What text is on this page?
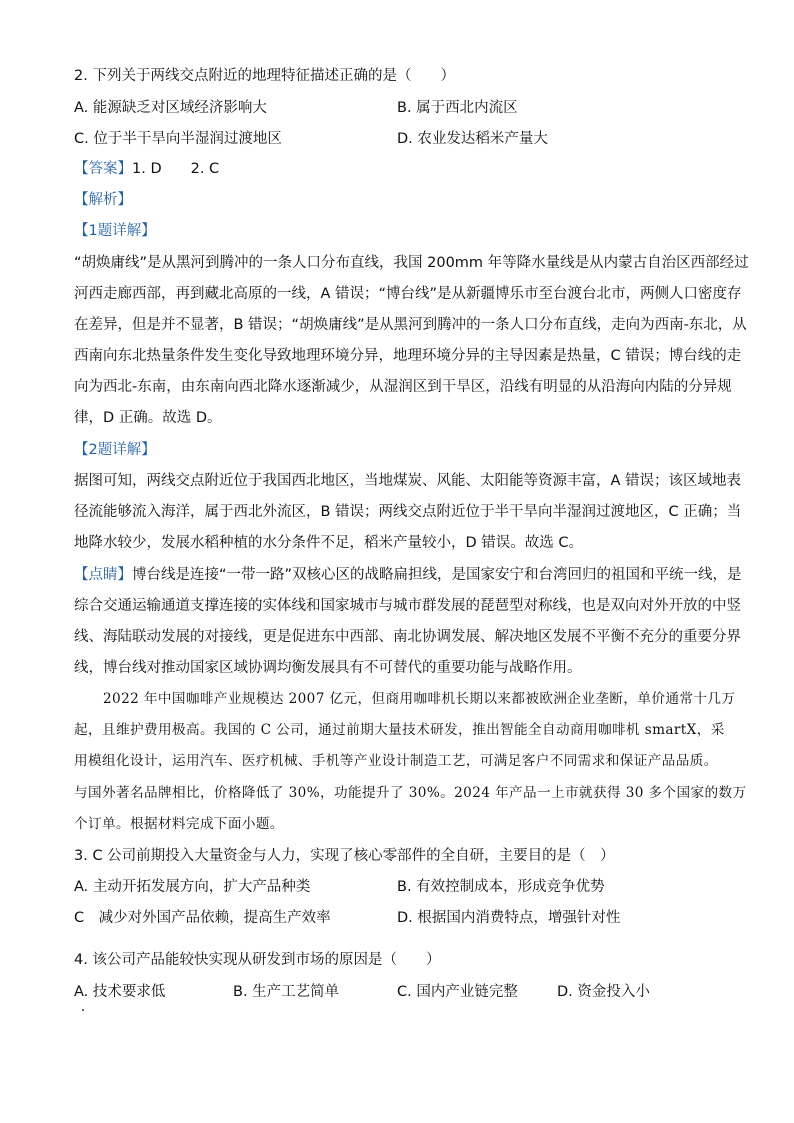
2. 下列关于两线交点附近的地理特征描述正确的是（　　）
A. 能源缺乏对区域经济影响大	B. 属于西北内流区
C. 位于半干旱向半湿润过渡地区	D. 农业发达稻米产量大
【答案】1. D　　2. C
【解析】
【1题详解】
“胡焕庸线”是从黑河到腾冲的一条人口分布直线，我国 200mm 年等降水量线是从内蒙古自治区西部经过
河西走廊西部，再到藏北高原的一线，A 错误；“博台线”是从新疆博乐市至台渡台北市，两侧人口密度存
在差异，但是并不显著，B 错误；“胡焕庸线”是从黑河到腾冲的一条人口分布直线，走向为西南-东北，从
西南向东北热量条件发生变化导致地理环境分异，地理环境分异的主导因素是热量，C 错误；博台线的走
向为西北-东南，由东南向西北降水逐渐减少，从湿润区到干旱区，沿线有明显的从沿海向内陆的分异规
律，D 正确。故选 D。
【2题详解】
据图可知，两线交点附近位于我国西北地区，当地煤炭、风能、太阳能等资源丰富，A 错误；该区域地表
径流能够流入海洋，属于西北外流区，B 错误；两线交点附近位于半干旱向半湿润过渡地区，C 正确；当
地降水较少，发展水稻种植的水分条件不足，稻米产量较小，D 错误。故选 C。
【点睛】博台线是连接“一带一路”双核心区的战略扁担线，是国家安宁和台湾回归的祖国和平统一线，是
综合交通运输通道支撑连接的实体线和国家城市与城市群发展的琵琶型对称线，也是双向对外开放的中竖
线、海陆联动发展的对接线，更是促进东中西部、南北协调发展、解决地区发展不平衡不充分的重要分界
线，博台线对推动国家区域协调均衡发展具有不可替代的重要功能与战略作用。
2022 年中国咖啡产业规模达 2007 亿元，但商用咖啡机长期以来都被欧洲企业垄断，单价通常十几万
起，且维护费用极高。我国的 C 公司，通过前期大量技术研发，推出智能全自动商用咖啡机 smartX，采
用模组化设计，运用汽车、医疗机械、手机等产业设计制造工艺，可满足客户不同需求和保证产品品质。
与国外著名品牌相比，价格降低了 30%，功能提升了 30%。2024 年产品一上市就获得 30 多个国家的数万
个订单。根据材料完成下面小题。
3. C 公司前期投入大量资金与人力，实现了核心零部件的全自研，主要目的是（　）
A. 主动开拓发展方向，扩大产品种类	B. 有效控制成本，形成竞争优势
C　减少对外国产品依赖，提高生产效率	D. 根据国内消费特点，增强针对性
4. 该公司产品能较快实现从研发到市场的原因是（　　）
A. 技术要求低	B. 生产工艺简单	C. 国内产业链完整	D. 资金投入小
